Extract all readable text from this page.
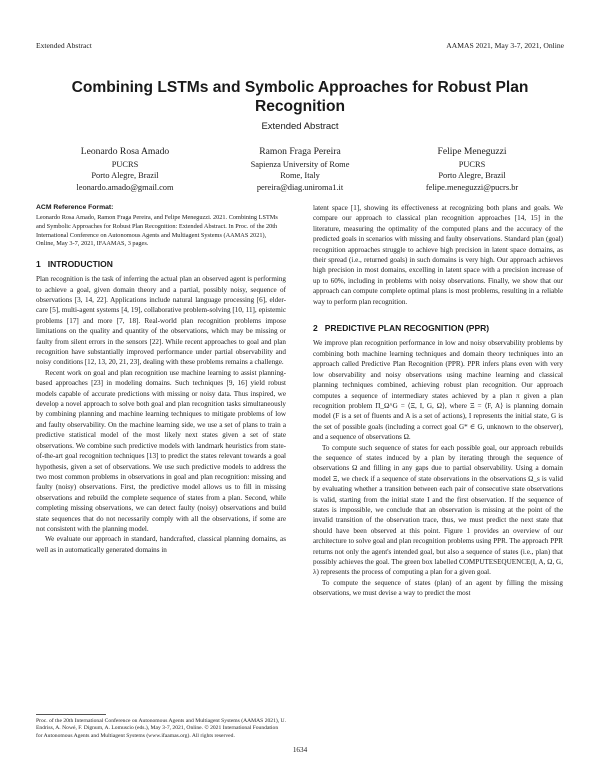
Extended Abstract	AAMAS 2021, May 3-7, 2021, Online
Combining LSTMs and Symbolic Approaches for Robust Plan Recognition
Extended Abstract
Leonardo Rosa Amado
PUCRS
Porto Alegre, Brazil
leonardo.amado@gmail.com
Ramon Fraga Pereira
Sapienza University of Rome
Rome, Italy
pereira@diag.uniroma1.it
Felipe Meneguzzi
PUCRS
Porto Alegre, Brazil
felipe.meneguzzi@pucrs.br

ACM Reference Format:

Leonardo Rosa Amado, Ramon Fraga Pereira, and Felipe Meneguzzi. 2021. Combining LSTMs and Symbolic Approaches for Robust Plan Recognition: Extended Abstract. In Proc. of the 20th International Conference on Autonomous Agents and Multiagent Systems (AAMAS 2021), Online, May 3-7, 2021, IFAAMAS, 3 pages.

1 INTRODUCTION

Plan recognition is the task of inferring the actual plan an observed agent is performing to achieve a goal, given domain theory and a partial, possibly noisy, sequence of observations [3, 14, 22]. Applications include natural language processing [6], elder-care [5], multi-agent systems [4, 19], collaborative problem-solving [10, 11], epistemic problems [17] and more [7, 18]. Real-world plan recognition problems impose limitations on the quality and quantity of the observations, which may be missing or faulty from silent errors in the sensors [22]. While recent approaches to goal and plan recognition have substantially improved performance under partial observability and noisy conditions [12, 13, 20, 21, 23], dealing with these problems remains a challenge.

Recent work on goal and plan recognition use machine learning to assist planning-based approaches [23] in modeling domains. Such techniques [9, 16] yield robust models capable of accurate predictions with missing or noisy data. Thus inspired, we develop a novel approach to solve both goal and plan recognition tasks simultaneously by combining planning and machine learning techniques to mitigate problems of low and faulty observability. On the machine learning side, we use a set of plans to train a predictive statistical model of the most likely next states given a set of state observations. We combine such predictive models with landmark heuristics from state-of-the-art goal recognition techniques [13] to predict the states relevant towards a goal hypothesis, given a set of observations. We use such predictive models to address the two most common problems in observations in goal and plan recognition: missing and faulty (noisy) observations. First, the predictive model allows us to fill in missing observations and rebuild the complete sequence of states from a plan. Second, while completing missing observations, we can detect faulty (noisy) observations and build state sequences that do not necessarily comply with all the observations, if some are not consistent with the planning model.

We evaluate our approach in standard, handcrafted, classical planning domains, as well as in automatically generated domains in

Proc. of the 20th International Conference on Autonomous Agents and Multiagent Systems (AAMAS 2021), U. Endriss, A. Nowé, F. Dignum, A. Lomuscio (eds.), May 3-7, 2021, Online. © 2021 International Foundation for Autonomous Agents and Multiagent Systems (www.ifaamas.org). All rights reserved.

latent space [1], showing its effectiveness at recognizing both plans and goals. We compare our approach to classical plan recognition approaches [14, 15] in the literature, measuring the optimality of the computed plans and the accuracy of the predicted goals in scenarios with missing and faulty observations. Standard plan (goal) recognition approaches struggle to achieve high precision in latent space domains, as their spread (i.e., returned goals) in such domains is very high. Our approach achieves high precision in most domains, excelling in latent space with a precision increase of up to 60%, including in problems with noisy observations. Finally, we show that our approach can compute complete optimal plans is most problems, resulting in a reliable way to perform plan recognition.

2 PREDICTIVE PLAN RECOGNITION (PPR)

We improve plan recognition performance in low and noisy observability problems by combining both machine learning techniques and domain theory techniques into an approach called Predictive Plan Recognition (PPR). PPR infers plans even with very low observability and noisy observations using machine learning and classical planning techniques combined, achieving robust plan recognition. Our approach computes a sequence of intermediary states achieved by a plan π given a plan recognition problem Π_Ω^G = ⟨Ξ, I, G, Ω⟩, where Ξ = ⟨F, A⟩ is planning domain model (F is a set of fluents and A is a set of actions), I represents the initial state, G is the set of possible goals (including a correct goal G* ∈ G, unknown to the observer), and a sequence of observations Ω.

To compute such sequence of states for each possible goal, our approach rebuilds the sequence of states induced by a plan by iterating through the sequence of observations Ω and filling in any gaps due to partial observability. Using a domain model Ξ, we check if a sequence of state observations in the observations Ω_s is valid by evaluating whether a transition between each pair of consecutive state observations is valid, starting from the initial state I and the first observation. If the sequence of states is impossible, we conclude that an observation is missing at the point of the invalid transition of the observation trace, thus, we must predict the next state that should have been observed at this point. Figure 1 provides an overview of our architecture to solve goal and plan recognition problems using PPR. The approach PPR returns not only the agent's intended goal, but also a sequence of states (i.e., plan) that possibly achieves the goal. The green box labelled COMPUTESEQUENCE(I, A, Ω, G, λ) represents the process of computing a plan for a given goal.

To compute the sequence of states (plan) of an agent by filling the missing observations, we must devise a way to predict the most

1634
